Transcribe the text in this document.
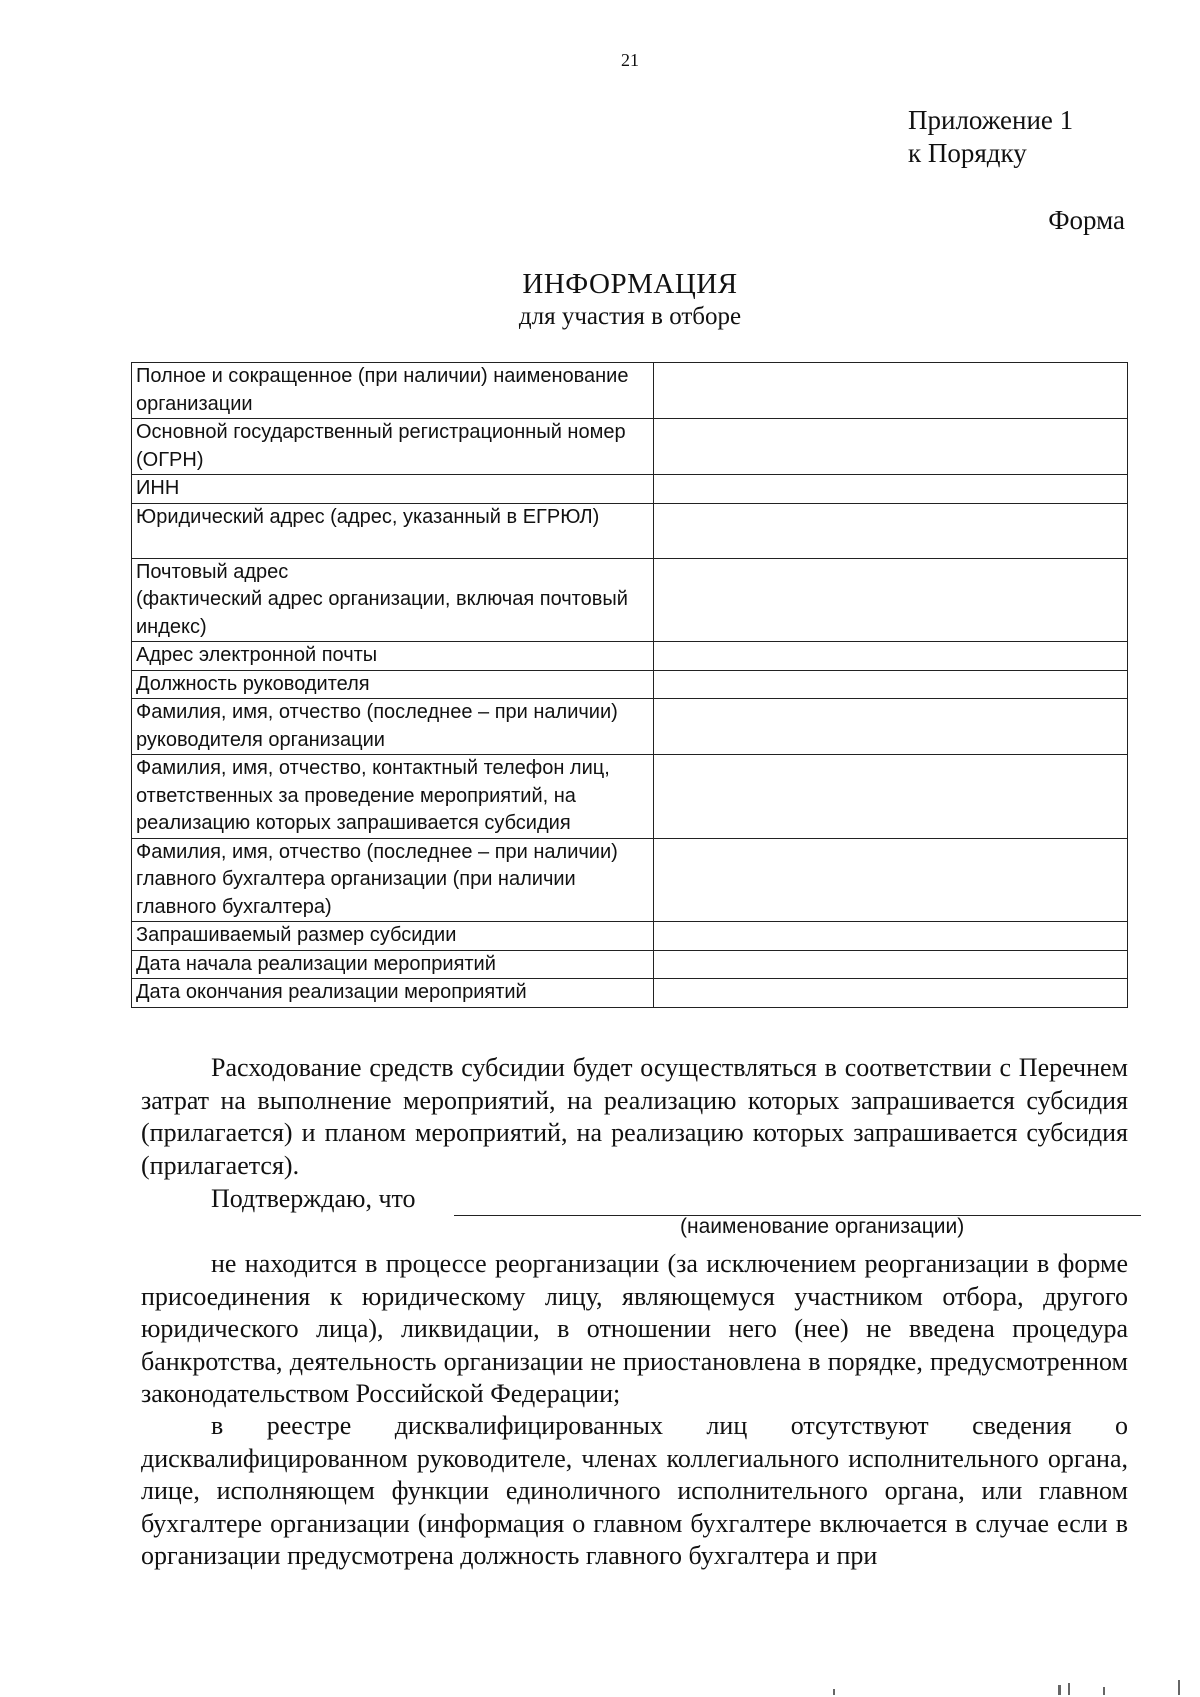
21
Приложение 1
к Порядку
Форма
ИНФОРМАЦИЯ
для участия в отборе
Полное и сокращенное (при наличии) наименование организации	
Основной государственный регистрационный номер (ОГРН)	
ИНН	
Юридический адрес (адрес, указанный в ЕГРЮЛ)	
Почтовый адрес
(фактический адрес организации, включая почтовый индекс)	
Адрес электронной почты	
Должность руководителя	
Фамилия, имя, отчество (последнее – при наличии) руководителя организации	
Фамилия, имя, отчество, контактный телефон лиц, ответственных за проведение мероприятий, на реализацию которых запрашивается субсидия	
Фамилия, имя, отчество (последнее – при наличии) главного бухгалтера организации (при наличии главного бухгалтера)	
Запрашиваемый размер субсидии	
Дата начала реализации мероприятий	
Дата окончания реализации мероприятий	

Расходование средств субсидии будет осуществляться в соответствии с Перечнем затрат на выполнение мероприятий, на реализацию которых запрашивается субсидия (прилагается) и планом мероприятий, на реализацию которых запрашивается субсидия (прилагается).

Подтверждаю, что
(наименование организации)

не находится в процессе реорганизации (за исключением реорганизации в форме присоединения к юридическому лицу, являющемуся участником отбора, другого юридического лица), ликвидации, в отношении него (нее) не введена процедура банкротства, деятельность организации не приостановлена в порядке, предусмотренном законодательством Российской Федерации;

в реестре дисквалифицированных лиц отсутствуют сведения о дисквалифицированном руководителе, членах коллегиального исполнительного органа, лице, исполняющем функции единоличного исполнительного органа, или главном бухгалтере организации (информация о главном бухгалтере включается в случае если в организации предусмотрена должность главного бухгалтера и при
